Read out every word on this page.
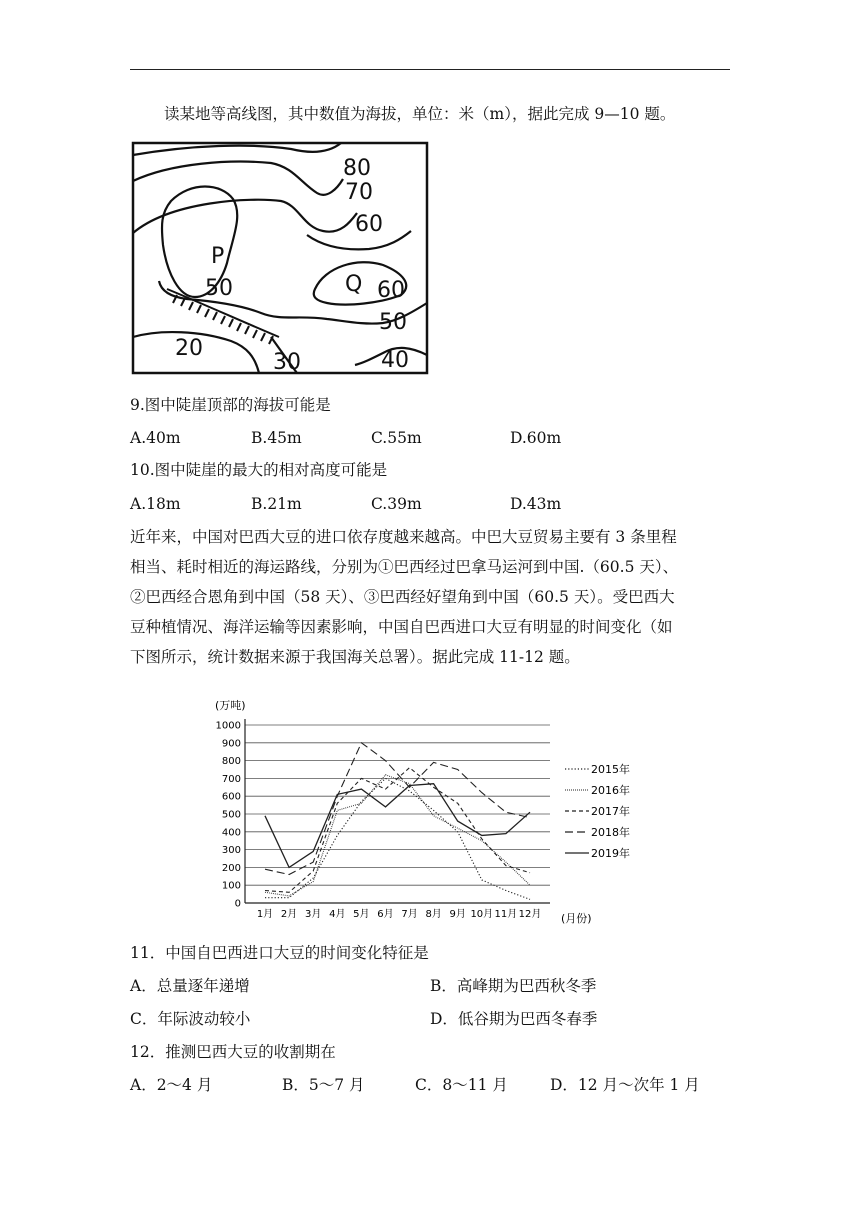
读某地等高线图，其中数值为海拔，单位：米（m），据此完成 9—10 题。
P
Q
80
70
60
60
50
50
40
30
20
9.图中陡崖顶部的海拔可能是
A.40m	B.45m	C.55m	D.60m
10.图中陡崖的最大的相对高度可能是
A.18m	B.21m	C.39m	D.43m
近年来，中国对巴西大豆的进口依存度越来越高。中巴大豆贸易主要有 3 条里程
相当、耗时相近的海运路线，分别为①巴西经过巴拿马运河到中国.（60.5 天）、
②巴西经合恩角到中国（58 天）、③巴西经好望角到中国（60.5 天）。受巴西大
豆种植情况、海洋运输等因素影响，中国自巴西进口大豆有明显的时间变化（如
下图所示，统计数据来源于我国海关总署）。据此完成 11-12 题。
(万吨)
(月份)
0
100
200
300
400
500
600
700
800
900
1000
1月 2月 3月 4月 5月 6月 7月 8月 9月 10月 11月 12月
2015年
2016年
2017年
2018年
2019年
11．中国自巴西进口大豆的时间变化特征是
A．总量逐年递增	B．高峰期为巴西秋冬季
C．年际波动较小	D．低谷期为巴西冬春季
12．推测巴西大豆的收割期在
A．2～4 月	B．5～7 月	C．8～11 月	D．12 月～次年 1 月
